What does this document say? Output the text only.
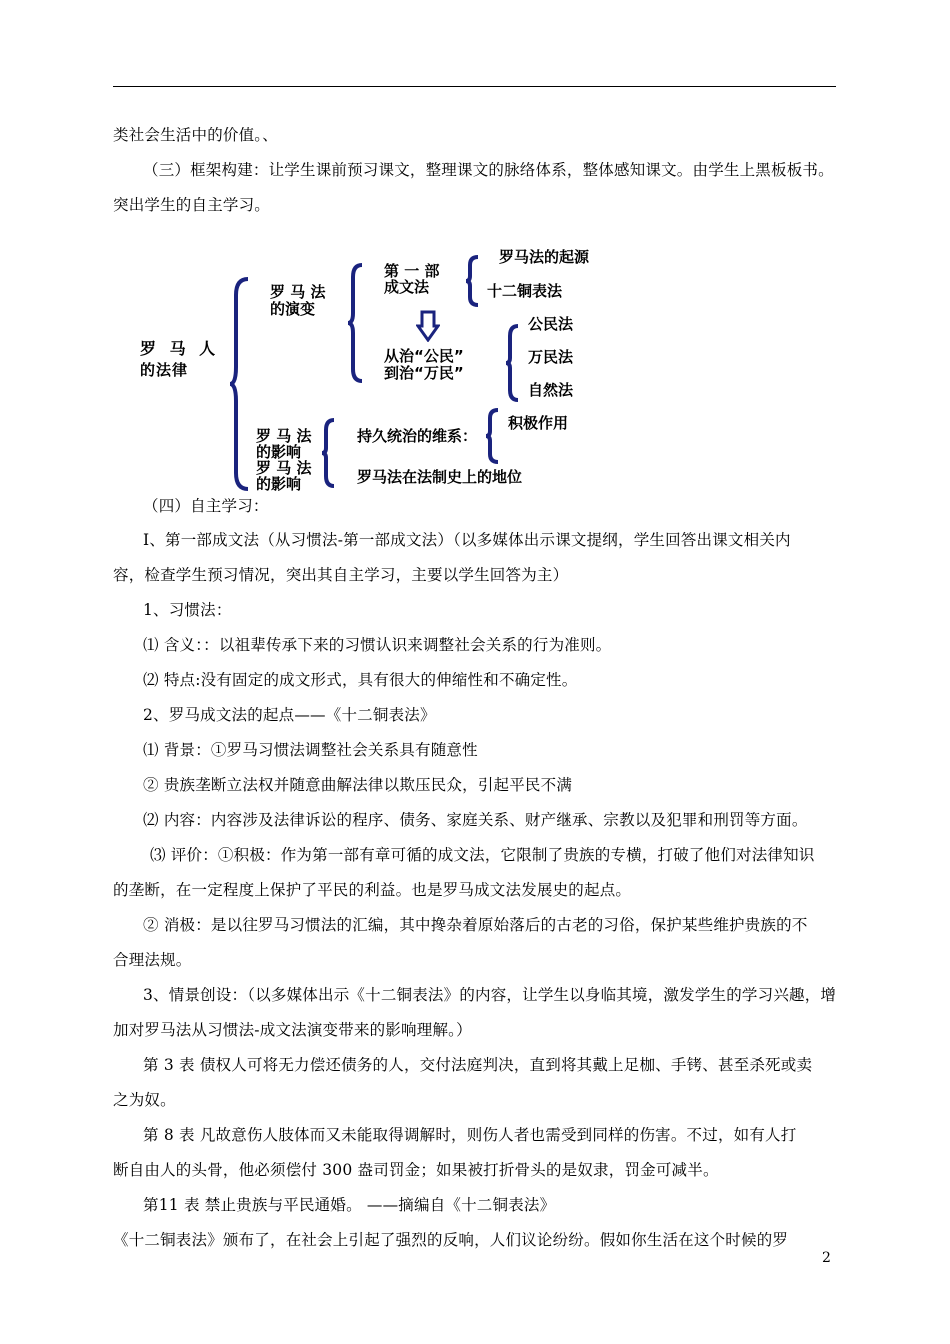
类社会生活中的价值。、
（三）框架构建：让学生课前预习课文，整理课文的脉络体系，整体感知课文。由学生上黑板板书。
突出学生的自主学习。
罗 马 人
的法律
罗 马 法
的演变
第 一 部
成文法
罗马法的起源
十二铜表法
从治“公民”
到治“万民”
公民法
万民法
自然法
罗 马 法
的影响
罗 马 法
的影响
持久统治的维系：
积极作用
罗马法在法制史上的地位
（四）自主学习：
Ⅰ、第一部成文法（从习惯法-第一部成文法）（以多媒体出示课文提纲，学生回答出课文相关内
容，检查学生预习情况，突出其自主学习，主要以学生回答为主）
1、习惯法：
⑴ 含义：：以祖辈传承下来的习惯认识来调整社会关系的行为准则。
⑵ 特点:没有固定的成文形式，具有很大的伸缩性和不确定性。
2、罗马成文法的起点——《十二铜表法》
⑴ 背景：①罗马习惯法调整社会关系具有随意性
② 贵族垄断立法权并随意曲解法律以欺压民众，引起平民不满
⑵ 内容：内容涉及法律诉讼的程序、债务、家庭关系、财产继承、宗教以及犯罪和刑罚等方面。
⑶ 评价：①积极：作为第一部有章可循的成文法，它限制了贵族的专横，打破了他们对法律知识
的垄断，在一定程度上保护了平民的利益。也是罗马成文法发展史的起点。
② 消极：是以往罗马习惯法的汇编，其中搀杂着原始落后的古老的习俗，保护某些维护贵族的不
合理法规。
3、情景创设：（以多媒体出示《十二铜表法》的内容，让学生以身临其境，激发学生的学习兴趣，增
加对罗马法从习惯法-成文法演变带来的影响理解。）
第 3 表 债权人可将无力偿还债务的人，交付法庭判决，直到将其戴上足枷、手铐、甚至杀死或卖
之为奴。
第 8 表 凡故意伤人肢体而又未能取得调解时，则伤人者也需受到同样的伤害。不过，如有人打
断自由人的头骨，他必须偿付 300 盎司罚金；如果被打折骨头的是奴隶，罚金可减半。
第11 表 禁止贵族与平民通婚。 ——摘编自《十二铜表法》
《十二铜表法》颁布了，在社会上引起了强烈的反响，人们议论纷纷。假如你生活在这个时候的罗
2
